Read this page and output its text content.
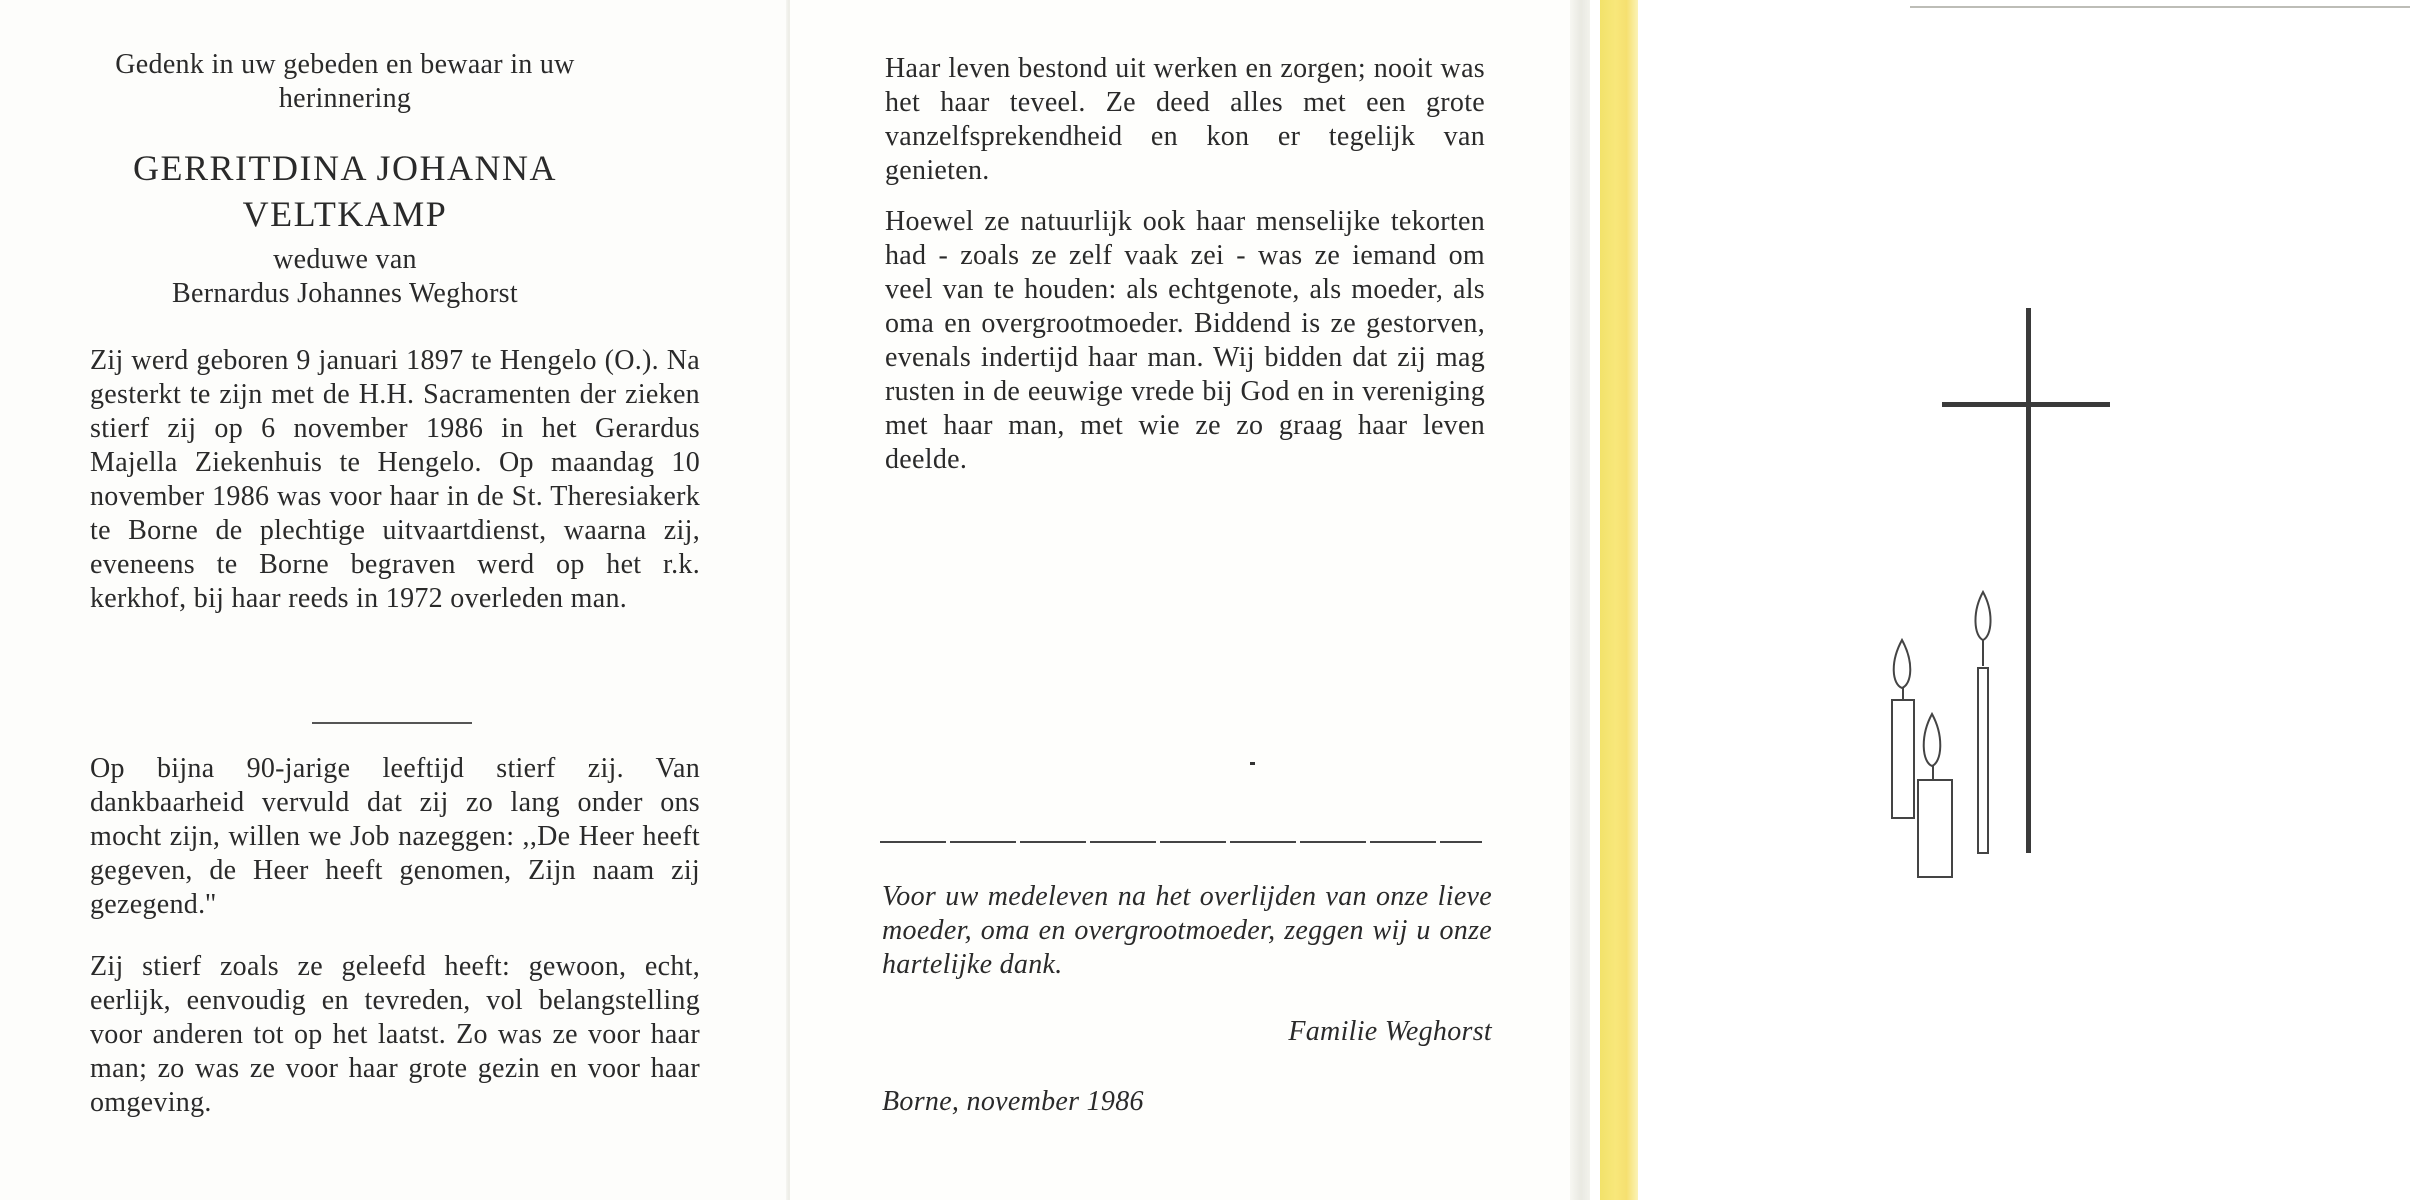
Gedenk in uw gebeden en bewaar in uw herinnering
GERRITDINA JOHANNA VELTKAMP
weduwe van
Bernardus Johannes Weghorst
Zij werd geboren 9 januari 1897 te Hengelo (O.). Na gesterkt te zijn met de H.H. Sacramenten der zieken stierf zij op 6 november 1986 in het Gerardus Majella Ziekenhuis te Hengelo. Op maandag 10 november 1986 was voor haar in de St. Theresiakerk te Borne de plechtige uitvaartdienst, waarna zij, eveneens te Borne begraven werd op het r.k. kerkhof, bij haar reeds in 1972 overleden man.
Op bijna 90-jarige leeftijd stierf zij. Van dankbaarheid vervuld dat zij zo lang onder ons mocht zijn, willen we Job nazeggen: ,,De Heer heeft gegeven, de Heer heeft genomen, Zijn naam zij gezegend.''
Zij stierf zoals ze geleefd heeft: gewoon, echt, eerlijk, eenvoudig en tevreden, vol belangstelling voor anderen tot op het laatst. Zo was ze voor haar man; zo was ze voor haar grote gezin en voor haar omgeving.
Haar leven bestond uit werken en zorgen; nooit was het haar teveel. Ze deed alles met een grote vanzelfsprekendheid en kon er tegelijk van genieten.
Hoewel ze natuurlijk ook haar menselijke tekorten had - zoals ze zelf vaak zei - was ze iemand om veel van te houden: als echtgenote, als moeder, als oma en overgrootmoeder. Biddend is ze gestorven, evenals indertijd haar man. Wij bidden dat zij mag rusten in de eeuwige vrede bij God en in vereniging met haar man, met wie ze zo graag haar leven deelde.
Voor uw medeleven na het overlijden van onze lieve moeder, oma en overgrootmoeder, zeggen wij u onze hartelijke dank.
Familie Weghorst
Borne, november 1986
